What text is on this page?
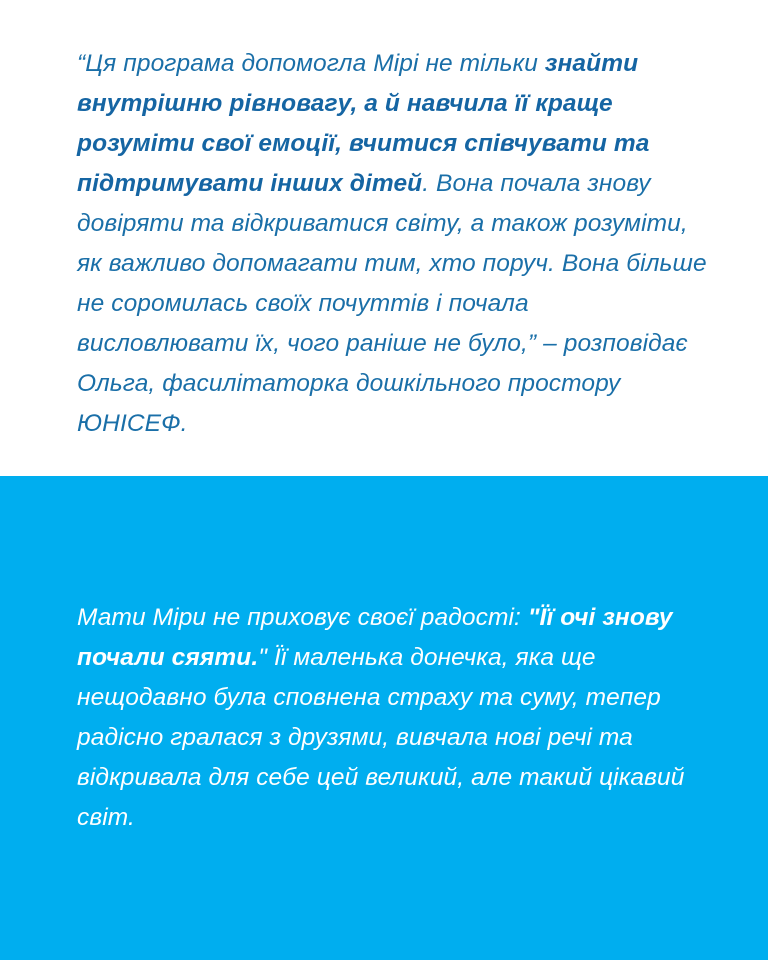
“Ця програма допомогла Мірі не тільки знайти внутрішню рівновагу, а й навчила її краще розуміти свої емоції, вчитися співчувати та підтримувати інших дітей. Вона почала знову довіряти та відкриватися світу, а також розуміти, як важливо допомагати тим, хто поруч. Вона більше не соромилась своїх почуттів і почала висловлювати їх, чого раніше не було,” – розповідає Ольга, фасилітаторка дошкільного простору ЮНІСЕФ.

Мати Міри не приховує своєї радості: "Її очі знову почали сяяти." Її маленька донечка, яка ще нещодавно була сповнена страху та суму, тепер радісно гралася з друзями, вивчала нові речі та відкривала для себе цей великий, але такий цікавий світ.
